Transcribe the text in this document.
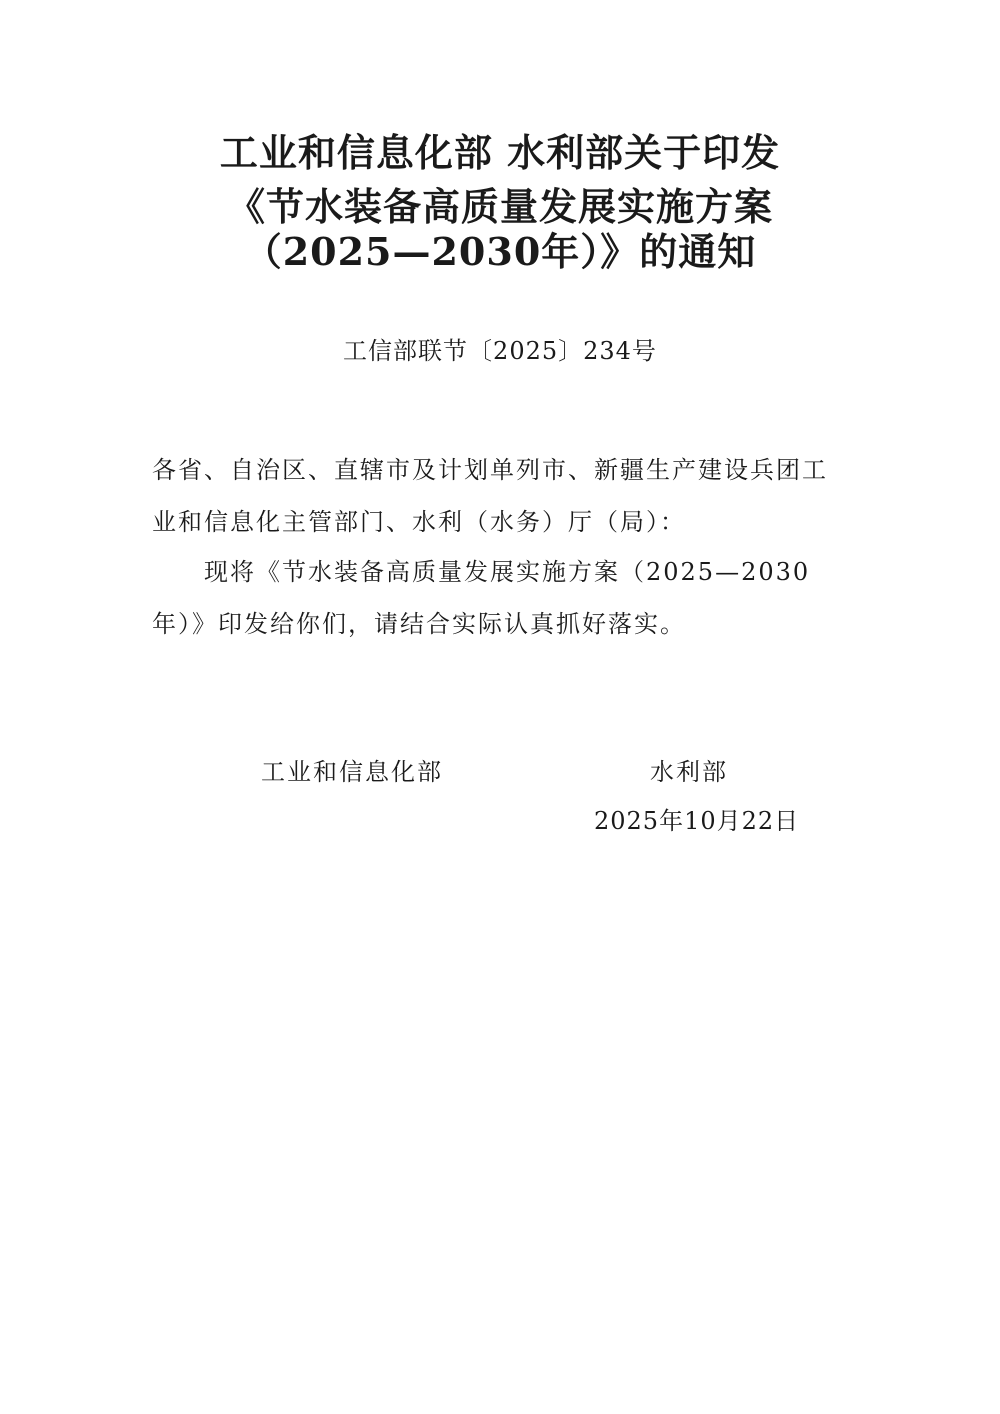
工业和信息化部 水利部关于印发
《节水装备高质量发展实施方案
（2025—2030年）》的通知
工信部联节〔2025〕234号
各省、自治区、直辖市及计划单列市、新疆生产建设兵团工业和信息化主管部门、水利（水务）厅（局）：
现将《节水装备高质量发展实施方案（2025—2030年）》印发给你们，请结合实际认真抓好落实。
工业和信息化部	水利部
2025年10月22日
